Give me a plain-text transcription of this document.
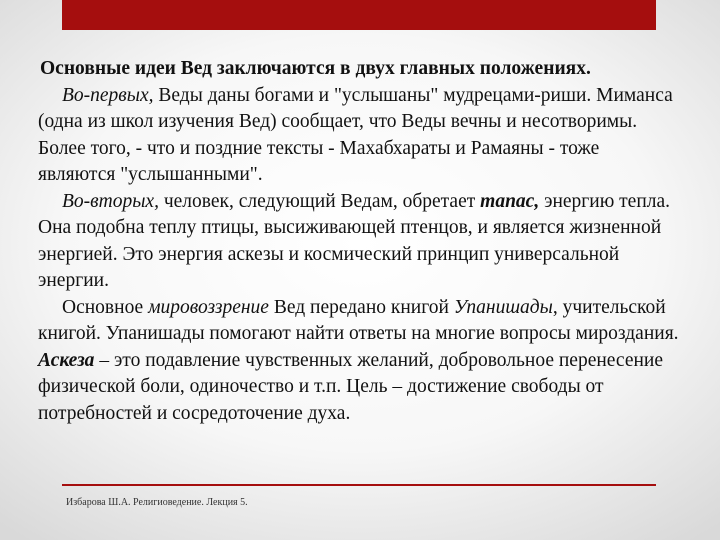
Основные идеи Вед заключаются в двух главных положениях.

Во-первых, Веды даны богами и "услышаны" мудрецами-риши. Миманса (одна из школ изучения Вед) сообщает, что Веды вечны и несотворимы. Более того, - что и поздние тексты - Махабхараты и Рамаяны - тоже являются "услышанными".

Во-вторых, человек, следующий Ведам, обретает тапас, энергию тепла. Она подобна теплу птицы, высиживающей птенцов, и является жизненной энергией. Это энергия аскезы и космический принцип универсальной энергии.

Основное мировоззрение Вед передано книгой Упанишады, учительской книгой. Упанишады помогают найти ответы на многие вопросы мироздания.

Аскеза – это подавление чувственных желаний, добровольное перенесение физической боли, одиночество и т.п. Цель – достижение свободы от потребностей и сосредоточение духа.

Избарова Ш.А. Религиоведение. Лекция 5.
